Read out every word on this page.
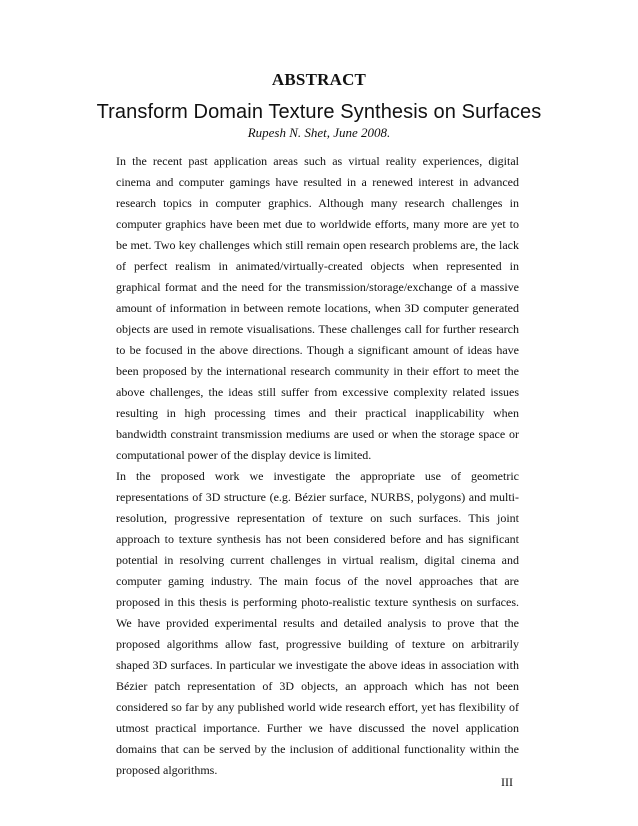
ABSTRACT
Transform Domain Texture Synthesis on Surfaces
Rupesh N. Shet, June 2008.

In the recent past application areas such as virtual reality experiences, digital cinema and computer gamings have resulted in a renewed interest in advanced research topics in computer graphics. Although many research challenges in computer graphics have been met due to worldwide efforts, many more are yet to be met. Two key challenges which still remain open research problems are, the lack of perfect realism in animated/virtually-created objects when represented in graphical format and the need for the transmission/storage/exchange of a massive amount of information in between remote locations, when 3D computer generated objects are used in remote visualisations. These challenges call for further research to be focused in the above directions. Though a significant amount of ideas have been proposed by the international research community in their effort to meet the above challenges, the ideas still suffer from excessive complexity related issues resulting in high processing times and their practical inapplicability when bandwidth constraint transmission mediums are used or when the storage space or computational power of the display device is limited.

In the proposed work we investigate the appropriate use of geometric representations of 3D structure (e.g. Bézier surface, NURBS, polygons) and multi-resolution, progressive representation of texture on such surfaces. This joint approach to texture synthesis has not been considered before and has significant potential in resolving current challenges in virtual realism, digital cinema and computer gaming industry. The main focus of the novel approaches that are proposed in this thesis is performing photo-realistic texture synthesis on surfaces. We have provided experimental results and detailed analysis to prove that the proposed algorithms allow fast, progressive building of texture on arbitrarily shaped 3D surfaces. In particular we investigate the above ideas in association with Bézier patch representation of 3D objects, an approach which has not been considered so far by any published world wide research effort, yet has flexibility of utmost practical importance. Further we have discussed the novel application domains that can be served by the inclusion of additional functionality within the proposed algorithms.

III
